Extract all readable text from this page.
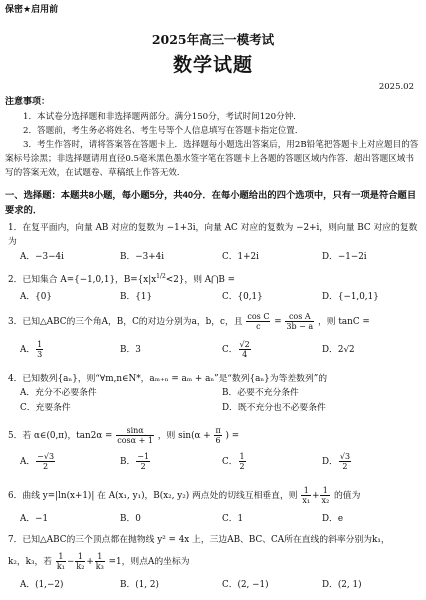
保密★启用前
2025年高三一模考试
数学试题
2025.02
注意事项：
1．本试卷分选择题和非选择题两部分。满分150分，考试时间120分钟．
2．答题前，考生务必将姓名、考生号等个人信息填写在答题卡指定位置．
3．考生作答时，请将答案答在答题卡上．选择题每小题选出答案后，用2B铅笔把答题卡上对应题目的答案标号涂黑；非选择题请用直径0.5毫米黑色墨水签字笔在答题卡上各题的答题区域内作答．超出答题区域书写的答案无效，在试题卷、草稿纸上作答无效．
一、选择题：本题共8小题，每小题5分，共40分．在每小题给出的四个选项中，只有一项是符合题目要求的．
1．在复平面内，向量 AB 对应的复数为 −1+3i，向量 AC 对应的复数为 −2+i，则向量 BC 对应的复数为
A．−3−4i	B．−3+4i	C．1+2i	D．−1−2i
2．已知集合 A={−1,0,1}，$B=\{x|x^{1/2}<2\}$，则 A⋂B =
A．{0}	B．{1}	C．{0,1}	D．{−1,0,1}
3．已知△ABC的三个角A，B，C的对边分别为a，b，c，且 $\frac{\text{cos C}}{c} = \frac{\text{cos A}}{3b - a}$ ，则 tanC =
A． $\frac{1}{3}$	B．3	C． $\frac{√2}{4}$	D．2√2
4．已知数列{aₙ}，则“∀m,n∈N*，aₘ₊ₙ = aₘ + aₙ”是“数列{aₙ}为等差数列”的
A．充分不必要条件	B．必要不充分条件
C．充要条件	D．既不充分也不必要条件
5．若 α∈(0,π)，$\tan 2\alpha = \frac{\sin\alpha}{\cos\alpha + 1}$ ，则 $\sin(\alpha + \frac{\pi}{6}$ ) =
A． $\frac{-√3}{2}$	B． $\frac{-1}{2}$	C． $\frac{1}{2}$	D． $\frac{√3}{2}$
6．曲线 y=|ln(x+1)| 在 A(x₁, y₁)，B(x₂, y₂) 两点处的切线互相垂直，则 $\frac{1}{\text{x₁}} + \frac{1}{\text{x₂}}$ 的值为
A．−1	B．0	C．1	D．e
7．已知△ABC的三个顶点都在抛物线 y² = 4x 上，三边AB、BC、CA所在直线的斜率分别为k₁，
k₂，k₃，若 $\frac{1}{\text{k₁}} - \frac{1}{\text{k₂}} + \frac{1}{\text{k₃}} =1$，则点A的坐标为
A．(1,−2)	B．(1, 2)	C．(2, −1)	D．(2, 1)
